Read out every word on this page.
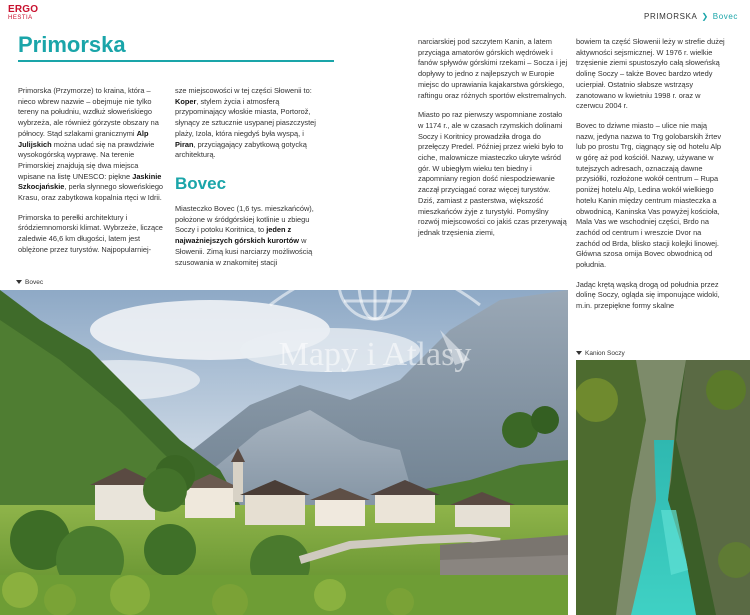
ERGO
HESTIA	PRIMORSKA ❯ Bovec
Primorska

Primorska (Przymorze) to kraina, która – nieco wbrew nazwie – obejmuje nie tylko tereny na południu, wzdłuż słoweńskiego wybrzeża, ale również górzyste obszary na północy. Stąd szlakami granicznymi Alp Julijskich można udać się na prawdziwie wysokogórską wyprawę. Na terenie Primorskiej znajdują się dwa miejsca wpisane na listę UNESCO: piękne Jaskinie Szkocjańskie, perła słynnego słoweńskiego Krasu, oraz zabytkowa kopalnia rtęci w Idrii.

Primorska to perełki architektury i śródziemnomorski klimat. Wybrzeże, liczące zaledwie 46,6 km długości, latem jest oblężone przez turystów. Najpopularniej-

sze miejscowości w tej części Słowenii to: Koper, stylem życia i atmosferą przypominający włoskie miasta, Portorož, słynący ze sztucznie usypanej piaszczystej plaży, Izola, która niegdyś była wyspą, i Piran, przyciągający zabytkową gotycką architekturą.

Bovec

Miasteczko Bovec (1,6 tys. mieszkańców), położone w śródgórskiej kotlinie u zbiegu Soczy i potoku Koritnica, to jeden z najważniejszych górskich kurortów w Słowenii. Zimą kusi narciarzy możliwością szusowania w znakomitej stacji

narciarskiej pod szczytem Kanin, a latem przyciąga amatorów górskich wędrówek i fanów spływów górskimi rzekami – Socza i jej dopływy to jedno z najlepszych w Europie miejsc do uprawiania kajakarstwa górskiego, raftingu oraz różnych sportów ekstremalnych.

Miasto po raz pierwszy wspomniane zostało w 1174 r., ale w czasach rzymskich dolinami Soczy i Koritnicy prowadziła droga do przełęczy Predel. Później przez wieki było to ciche, malownicze miasteczko ukryte wśród gór. W ubiegłym wieku ten biedny i zapomniany region dość niespodziewanie zaczął przyciągać coraz więcej turystów. Dziś, zamiast z pasterstwa, większość mieszkańców żyje z turystyki. Pomyślny rozwój miejscowości co jakiś czas przerywają jednak trzęsienia ziemi,

bowiem ta część Słowenii leży w strefie dużej aktywności sejsmicznej. W 1976 r. wielkie trzęsienie ziemi spustoszyło całą słoweńską dolinę Soczy – także Bovec bardzo wtedy ucierpiał. Ostatnio słabsze wstrząsy zanotowano w kwietniu 1998 r. oraz w czerwcu 2004 r.

Bovec to dziwne miasto – ulice nie mają nazw, jedyna nazwa to Trg golobarskih žrtev lub po prostu Trg, ciągnący się od hotelu Alp w górę aż pod kościół. Nazwy, używane w tutejszych adresach, oznaczają dawne przysiółki, rozłożone wokół centrum – Rupa poniżej hotelu Alp, Ledina wokół wielkiego hotelu Kanin między centrum miasteczka a obwodnicą, Kaninska Vas powyżej kościoła, Mala Vas we wschodniej części, Brdo na zachód od centrum i wreszcie Dvor na zachód od Brda, blisko stacji kolejki linowej. Główna szosa omija Bovec obwodnicą od południa.

Jadąc krętą wąską drogą od południa przez dolinę Soczy, ogląda się imponujące widoki, m.in. przepiękne formy skalne

Bovec
Kanion Soczy
Mapy i Atlasy
